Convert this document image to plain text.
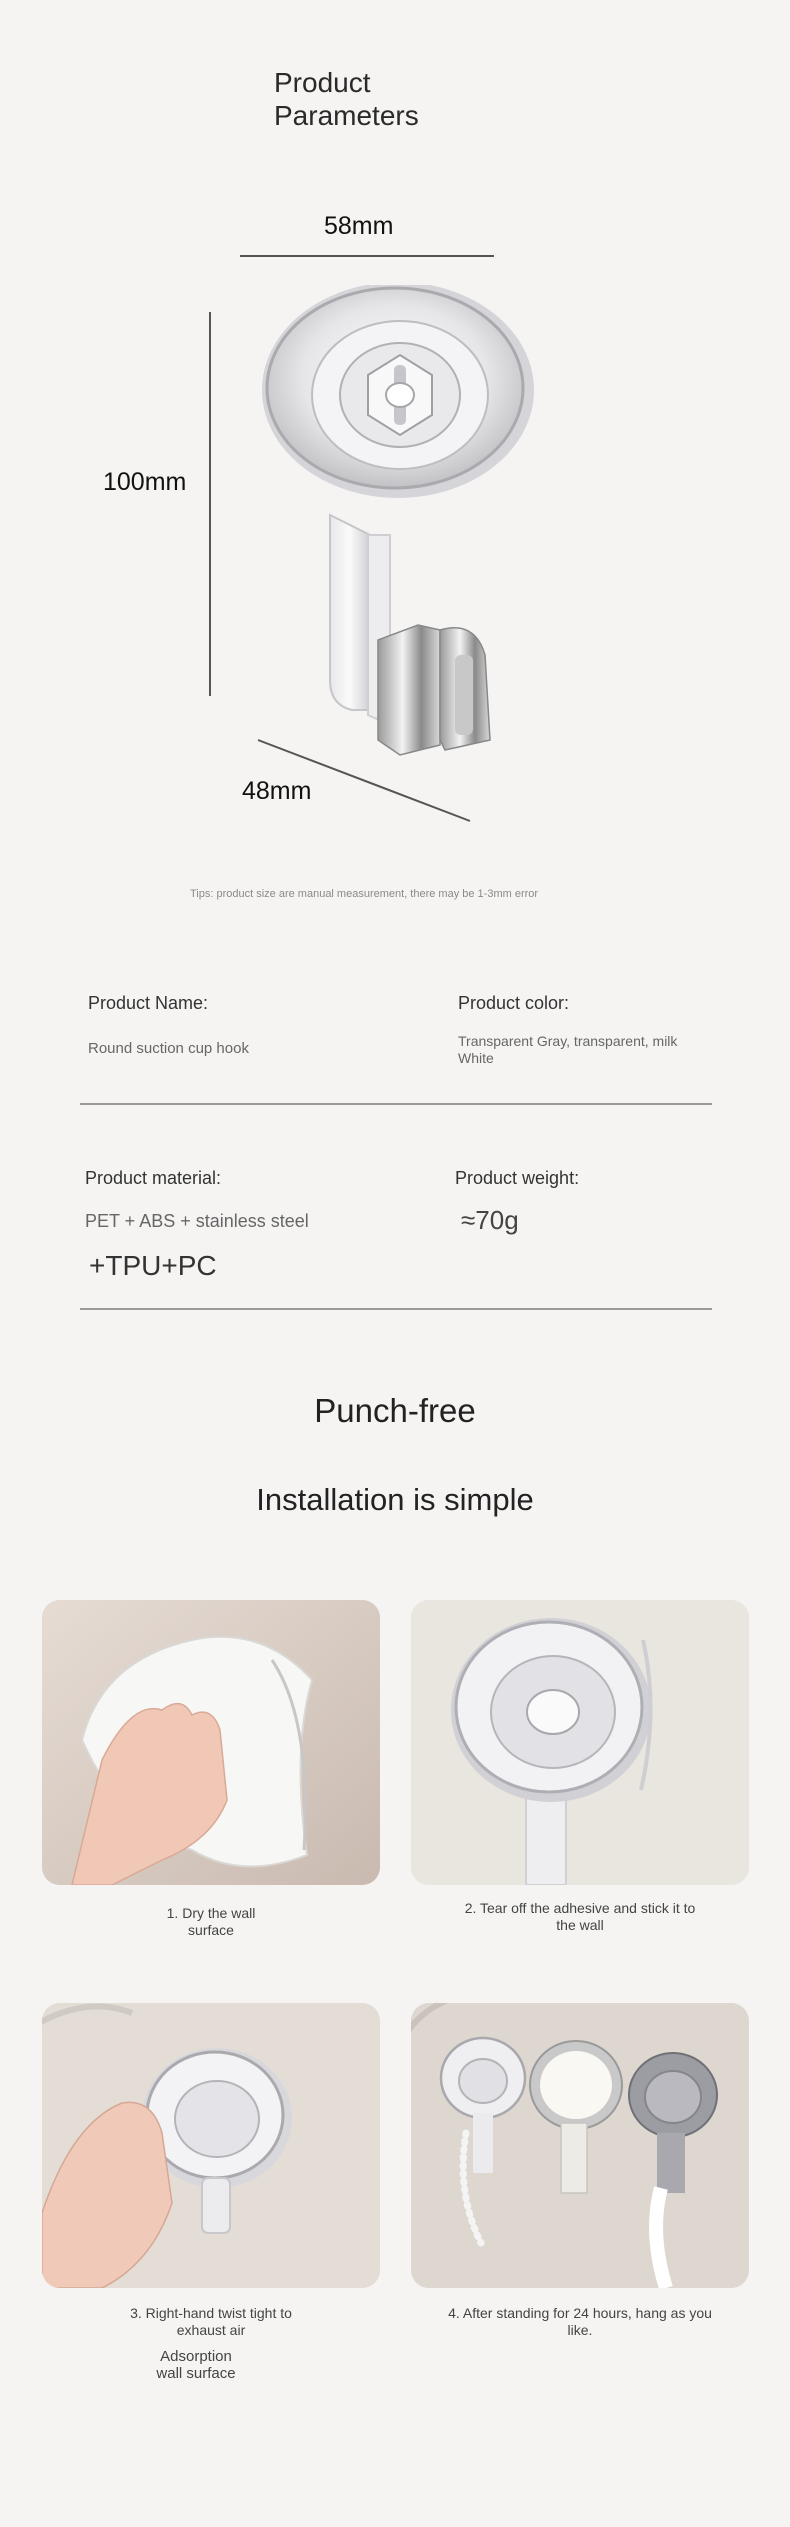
Product
Parameters
58mm
100mm
48mm
Tips: product size are manual measurement, there may be 1-3mm error
Product Name:
Round suction cup hook
Product color:
Transparent Gray, transparent, milk
White
Product material:
PET + ABS + stainless steel
+TPU+PC
Product weight:
≈70g
Punch-free
Installation is simple
1. Dry the wall
surface
2. Tear off the adhesive and stick it to
the wall
3. Right-hand twist tight to
exhaust air
Adsorption
wall surface
4. After standing for 24 hours, hang as you
like.
